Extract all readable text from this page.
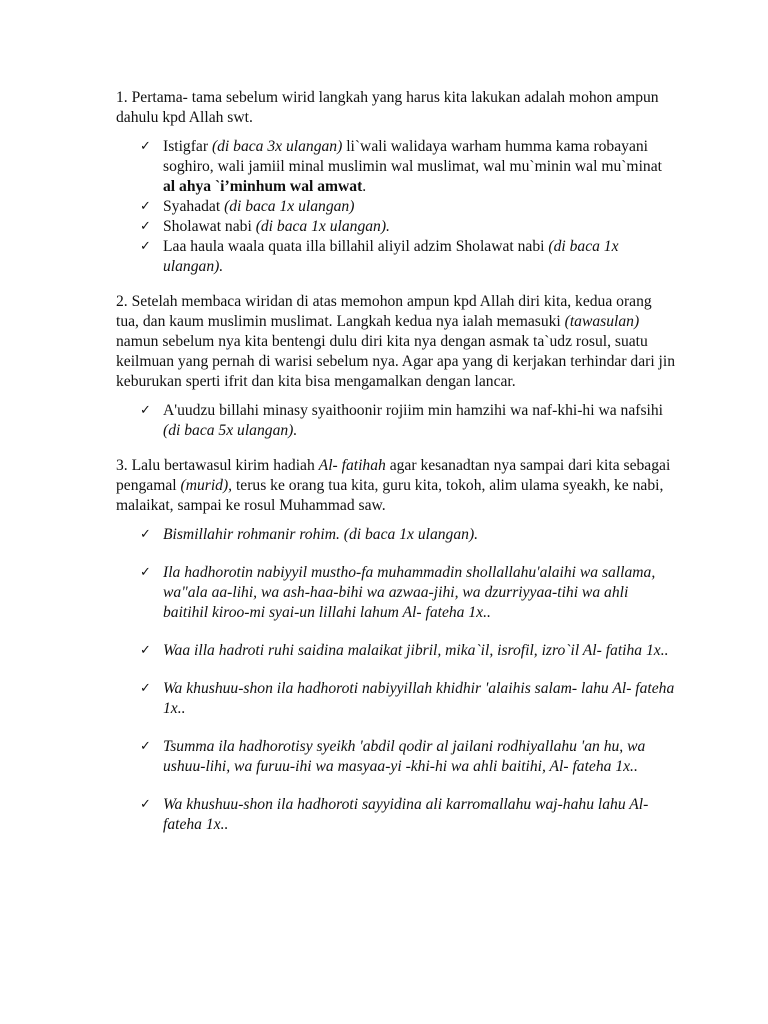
1. Pertama- tama sebelum wirid langkah yang harus kita lakukan adalah mohon ampun dahulu kpd Allah swt.

✓ Istigfar (di baca 3x ulangan) li`wali walidaya warham humma kama robayani soghiro, wali jamiil minal muslimin wal muslimat, wal mu`minin wal mu`minat al ahya `i’minhum wal amwat.
✓ Syahadat (di baca 1x ulangan)
✓ Sholawat nabi (di baca 1x ulangan).
✓ Laa haula waala quata illa billahil aliyil adzim Sholawat nabi (di baca 1x ulangan).

2. Setelah membaca wiridan di atas memohon ampun kpd Allah diri kita, kedua orang tua, dan kaum muslimin muslimat. Langkah kedua nya ialah memasuki (tawasulan) namun sebelum nya kita bentengi dulu diri kita nya dengan asmak ta`udz rosul, suatu keilmuan yang pernah di warisi sebelum nya. Agar apa yang di kerjakan terhindar dari jin keburukan sperti ifrit dan kita bisa mengamalkan dengan lancar.

✓ A'uudzu billahi minasy syaithoonir rojiim min hamzihi wa naf-khi-hi wa nafsihi (di baca 5x ulangan).

3. Lalu bertawasul kirim hadiah Al- fatihah agar kesanadtan nya sampai dari kita sebagai pengamal (murid), terus ke orang tua kita, guru kita, tokoh, alim ulama syeakh, ke nabi, malaikat, sampai ke rosul Muhammad saw.

✓ Bismillahir rohmanir rohim. (di baca 1x ulangan).
✓ Ila hadhorotin nabiyyil mustho-fa muhammadin shollallahu'alaihi wa sallama, wa"ala aa-lihi, wa ash-haa-bihi wa azwaa-jihi, wa dzurriyyaa-tihi wa ahli baitihil kiroo-mi syai-un lillahi lahum Al- fateha 1x..
✓ Waa illa hadroti ruhi saidina malaikat jibril, mika`il, isrofil, izro`il Al- fatiha 1x..
✓ Wa khushuu-shon ila hadhoroti nabiyyillah khidhir 'alaihis salam- lahu Al- fateha 1x..
✓ Tsumma ila hadhorotisy syeikh 'abdil qodir al jailani rodhiyallahu 'an hu, wa ushuu-lihi, wa furuu-ihi wa masyaa-yi -khi-hi wa ahli baitihi, Al- fateha 1x..
✓ Wa khushuu-shon ila hadhoroti sayyidina ali karromallahu waj-hahu lahu Al- fateha 1x..
